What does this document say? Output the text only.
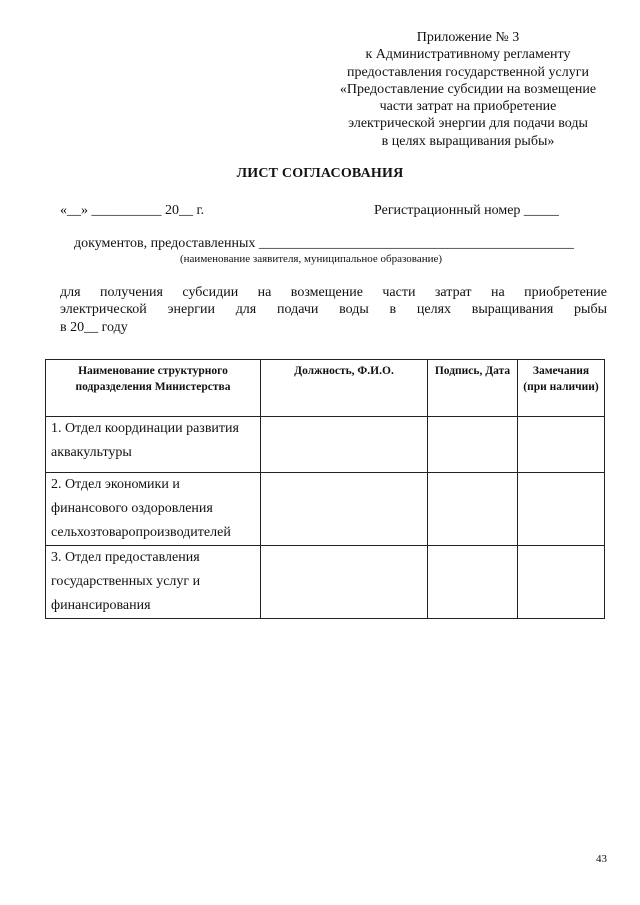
Приложение № 3
к Административному регламенту
предоставления государственной услуги
«Предоставление субсидии на возмещение
части затрат на приобретение
электрической энергии для подачи воды
в целях выращивания рыбы»
ЛИСТ СОГЛАСОВАНИЯ
«__» __________ 20__ г.	Регистрационный номер _____
документов, предоставленных _____________________________________________
(наименование заявителя, муниципальное образование)
для получения субсидии на возмещение части затрат на приобретение
электрической энергии для подачи воды в целях выращивания рыбы
в 20__ году
Наименование структурного подразделения Министерства	Должность, Ф.И.О.	Подпись, Дата	Замечания (при наличии)

1. Отдел координации развития
аквакультуры			

2. Отдел экономики и
финансового оздоровления
сельхозтоваропроизводителей			

3. Отдел предоставления
государственных услуг и
финансирования			

43
